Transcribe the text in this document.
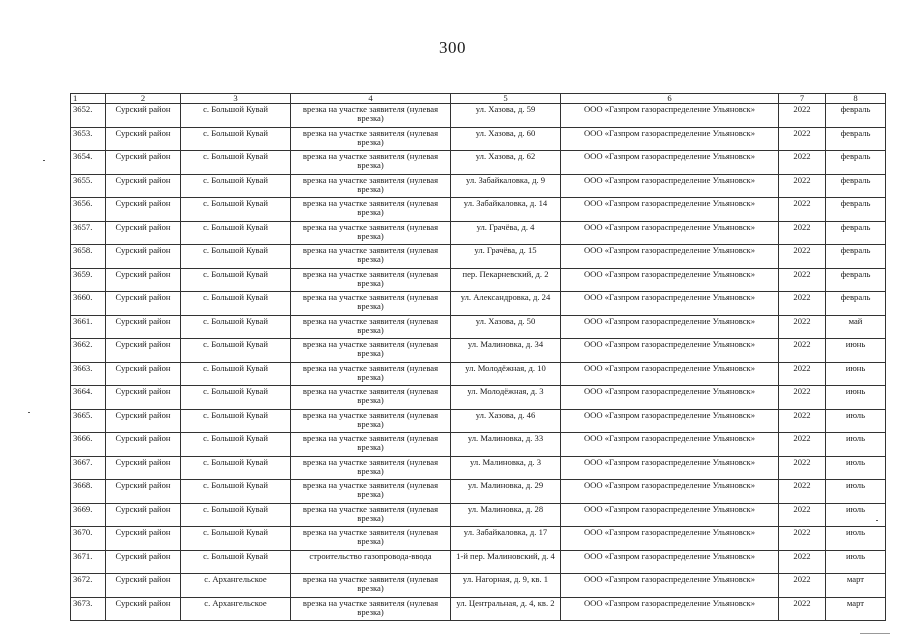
300
1	2	3	4	5	6	7	8
3652.	Сурский район	с. Большой Кувай	врезка на участке заявителя (нулевая врезка)	ул. Хазова, д. 59	ООО «Газпром газораспределение Ульяновск»	2022	февраль
3653.	Сурский район	с. Большой Кувай	врезка на участке заявителя (нулевая врезка)	ул. Хазова, д. 60	ООО «Газпром газораспределение Ульяновск»	2022	февраль
3654.	Сурский район	с. Большой Кувай	врезка на участке заявителя (нулевая врезка)	ул. Хазова, д. 62	ООО «Газпром газораспределение Ульяновск»	2022	февраль
3655.	Сурский район	с. Большой Кувай	врезка на участке заявителя (нулевая врезка)	ул. Забайкаловка, д. 9	ООО «Газпром газораспределение Ульяновск»	2022	февраль
3656.	Сурский район	с. Большой Кувай	врезка на участке заявителя (нулевая врезка)	ул. Забайкаловка, д. 14	ООО «Газпром газораспределение Ульяновск»	2022	февраль
3657.	Сурский район	с. Большой Кувай	врезка на участке заявителя (нулевая врезка)	ул. Грачёва, д. 4	ООО «Газпром газораспределение Ульяновск»	2022	февраль
3658.	Сурский район	с. Большой Кувай	врезка на участке заявителя (нулевая врезка)	ул. Грачёва, д. 15	ООО «Газпром газораспределение Ульяновск»	2022	февраль
3659.	Сурский район	с. Большой Кувай	врезка на участке заявителя (нулевая врезка)	пер. Пекарневский, д. 2	ООО «Газпром газораспределение Ульяновск»	2022	февраль
3660.	Сурский район	с. Большой Кувай	врезка на участке заявителя (нулевая врезка)	ул. Александровка, д. 24	ООО «Газпром газораспределение Ульяновск»	2022	февраль
3661.	Сурский район	с. Большой Кувай	врезка на участке заявителя (нулевая врезка)	ул. Хазова, д. 50	ООО «Газпром газораспределение Ульяновск»	2022	май
3662.	Сурский район	с. Большой Кувай	врезка на участке заявителя (нулевая врезка)	ул. Малиновка, д. 34	ООО «Газпром газораспределение Ульяновск»	2022	июнь
3663.	Сурский район	с. Большой Кувай	врезка на участке заявителя (нулевая врезка)	ул. Молодёжная, д. 10	ООО «Газпром газораспределение Ульяновск»	2022	июнь
3664.	Сурский район	с. Большой Кувай	врезка на участке заявителя (нулевая врезка)	ул. Молодёжная, д. 3	ООО «Газпром газораспределение Ульяновск»	2022	июнь
3665.	Сурский район	с. Большой Кувай	врезка на участке заявителя (нулевая врезка)	ул. Хазова, д. 46	ООО «Газпром газораспределение Ульяновск»	2022	июль
3666.	Сурский район	с. Большой Кувай	врезка на участке заявителя (нулевая врезка)	ул. Малиновка, д. 33	ООО «Газпром газораспределение Ульяновск»	2022	июль
3667.	Сурский район	с. Большой Кувай	врезка на участке заявителя (нулевая врезка)	ул. Малиновка, д. 3	ООО «Газпром газораспределение Ульяновск»	2022	июль
3668.	Сурский район	с. Большой Кувай	врезка на участке заявителя (нулевая врезка)	ул. Малиновка, д. 29	ООО «Газпром газораспределение Ульяновск»	2022	июль
3669.	Сурский район	с. Большой Кувай	врезка на участке заявителя (нулевая врезка)	ул. Малиновка, д. 28	ООО «Газпром газораспределение Ульяновск»	2022	июль
3670.	Сурский район	с. Большой Кувай	врезка на участке заявителя (нулевая врезка)	ул. Забайкаловка, д. 17	ООО «Газпром газораспределение Ульяновск»	2022	июль
3671.	Сурский район	с. Большой Кувай	строительство газопровода-ввода	1-й пер. Малиновский, д. 4	ООО «Газпром газораспределение Ульяновск»	2022	июль
3672.	Сурский район	с. Архангельское	врезка на участке заявителя (нулевая врезка)	ул. Нагорная, д. 9, кв. 1	ООО «Газпром газораспределение Ульяновск»	2022	март
3673.	Сурский район	с. Архангельское	врезка на участке заявителя (нулевая врезка)	ул. Центральная, д. 4, кв. 2	ООО «Газпром газораспределение Ульяновск»	2022	март
